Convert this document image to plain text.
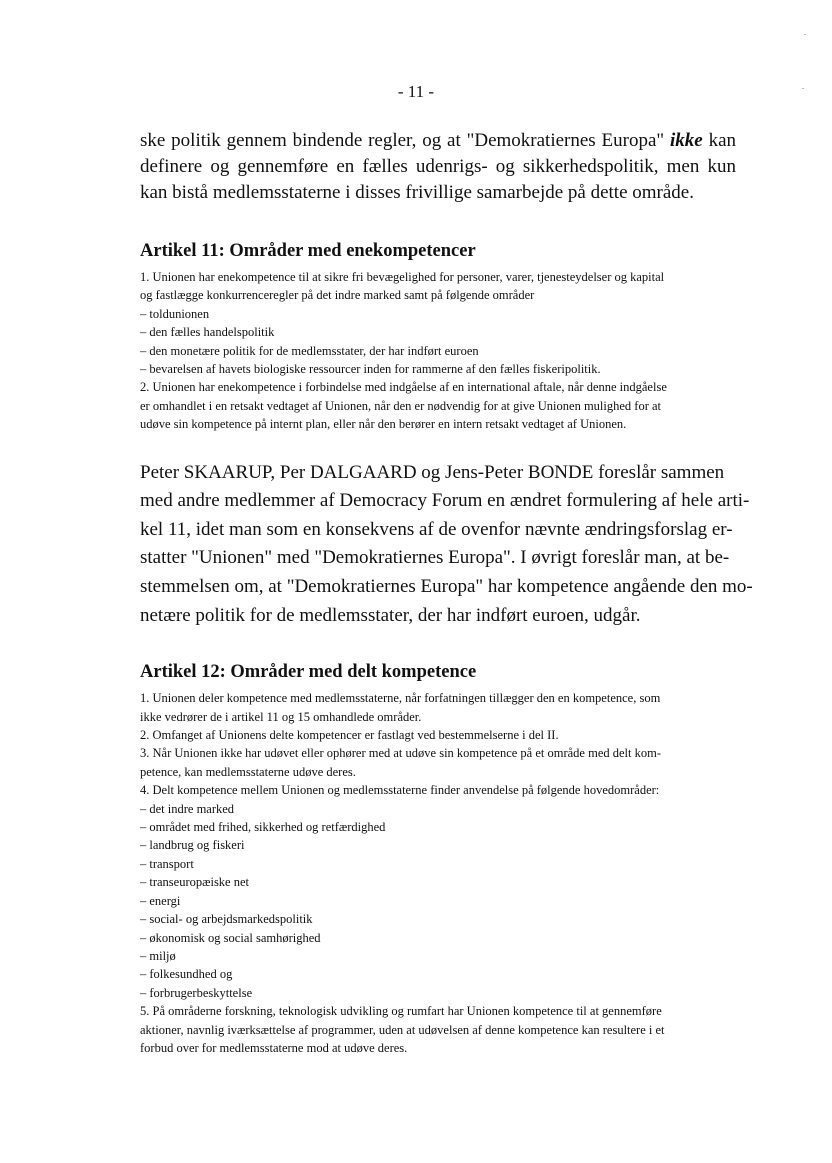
- 11 -

ske politik gennem bindende regler, og at "Demokratiernes Europa" ikke kan definere og gennemføre en fælles udenrigs- og sikkerhedspolitik, men kun kan bistå medlemsstaterne i disses frivillige samarbejde på dette område.

Artikel 11: Områder med enekompetencer

1. Unionen har enekompetence til at sikre fri bevægelighed for personer, varer, tjenesteydelser og kapital
og fastlægge konkurrenceregler på det indre marked samt på følgende områder
– toldunionen
– den fælles handelspolitik
– den monetære politik for de medlemsstater, der har indført euroen
– bevarelsen af havets biologiske ressourcer inden for rammerne af den fælles fiskeripolitik.
2. Unionen har enekompetence i forbindelse med indgåelse af en international aftale, når denne indgåelse
er omhandlet i en retsakt vedtaget af Unionen, når den er nødvendig for at give Unionen mulighed for at
udøve sin kompetence på internt plan, eller når den berører en intern retsakt vedtaget af Unionen.

Peter SKAARUP, Per DALGAARD og Jens-Peter BONDE foreslår sammen
med andre medlemmer af Democracy Forum en ændret formulering af hele arti-
kel 11, idet man som en konsekvens af de ovenfor nævnte ændringsforslag er-
statter "Unionen" med "Demokratiernes Europa". I øvrigt foreslår man, at be-
stemmelsen om, at "Demokratiernes Europa" har kompetence angående den mo-
netære politik for de medlemsstater, der har indført euroen, udgår.

Artikel 12: Områder med delt kompetence

1. Unionen deler kompetence med medlemsstaterne, når forfatningen tillægger den en kompetence, som
ikke vedrører de i artikel 11 og 15 omhandlede områder.
2. Omfanget af Unionens delte kompetencer er fastlagt ved bestemmelserne i del II.
3. Når Unionen ikke har udøvet eller ophører med at udøve sin kompetence på et område med delt kom-
petence, kan medlemsstaterne udøve deres.
4. Delt kompetence mellem Unionen og medlemsstaterne finder anvendelse på følgende hovedområder:
– det indre marked
– området med frihed, sikkerhed og retfærdighed
– landbrug og fiskeri
– transport
– transeuropæiske net
– energi
– social- og arbejdsmarkedspolitik
– økonomisk og social samhørighed
– miljø
– folkesundhed og
– forbrugerbeskyttelse
5. På områderne forskning, teknologisk udvikling og rumfart har Unionen kompetence til at gennemføre
aktioner, navnlig iværksættelse af programmer, uden at udøvelsen af denne kompetence kan resultere i et
forbud over for medlemsstaterne mod at udøve deres.
